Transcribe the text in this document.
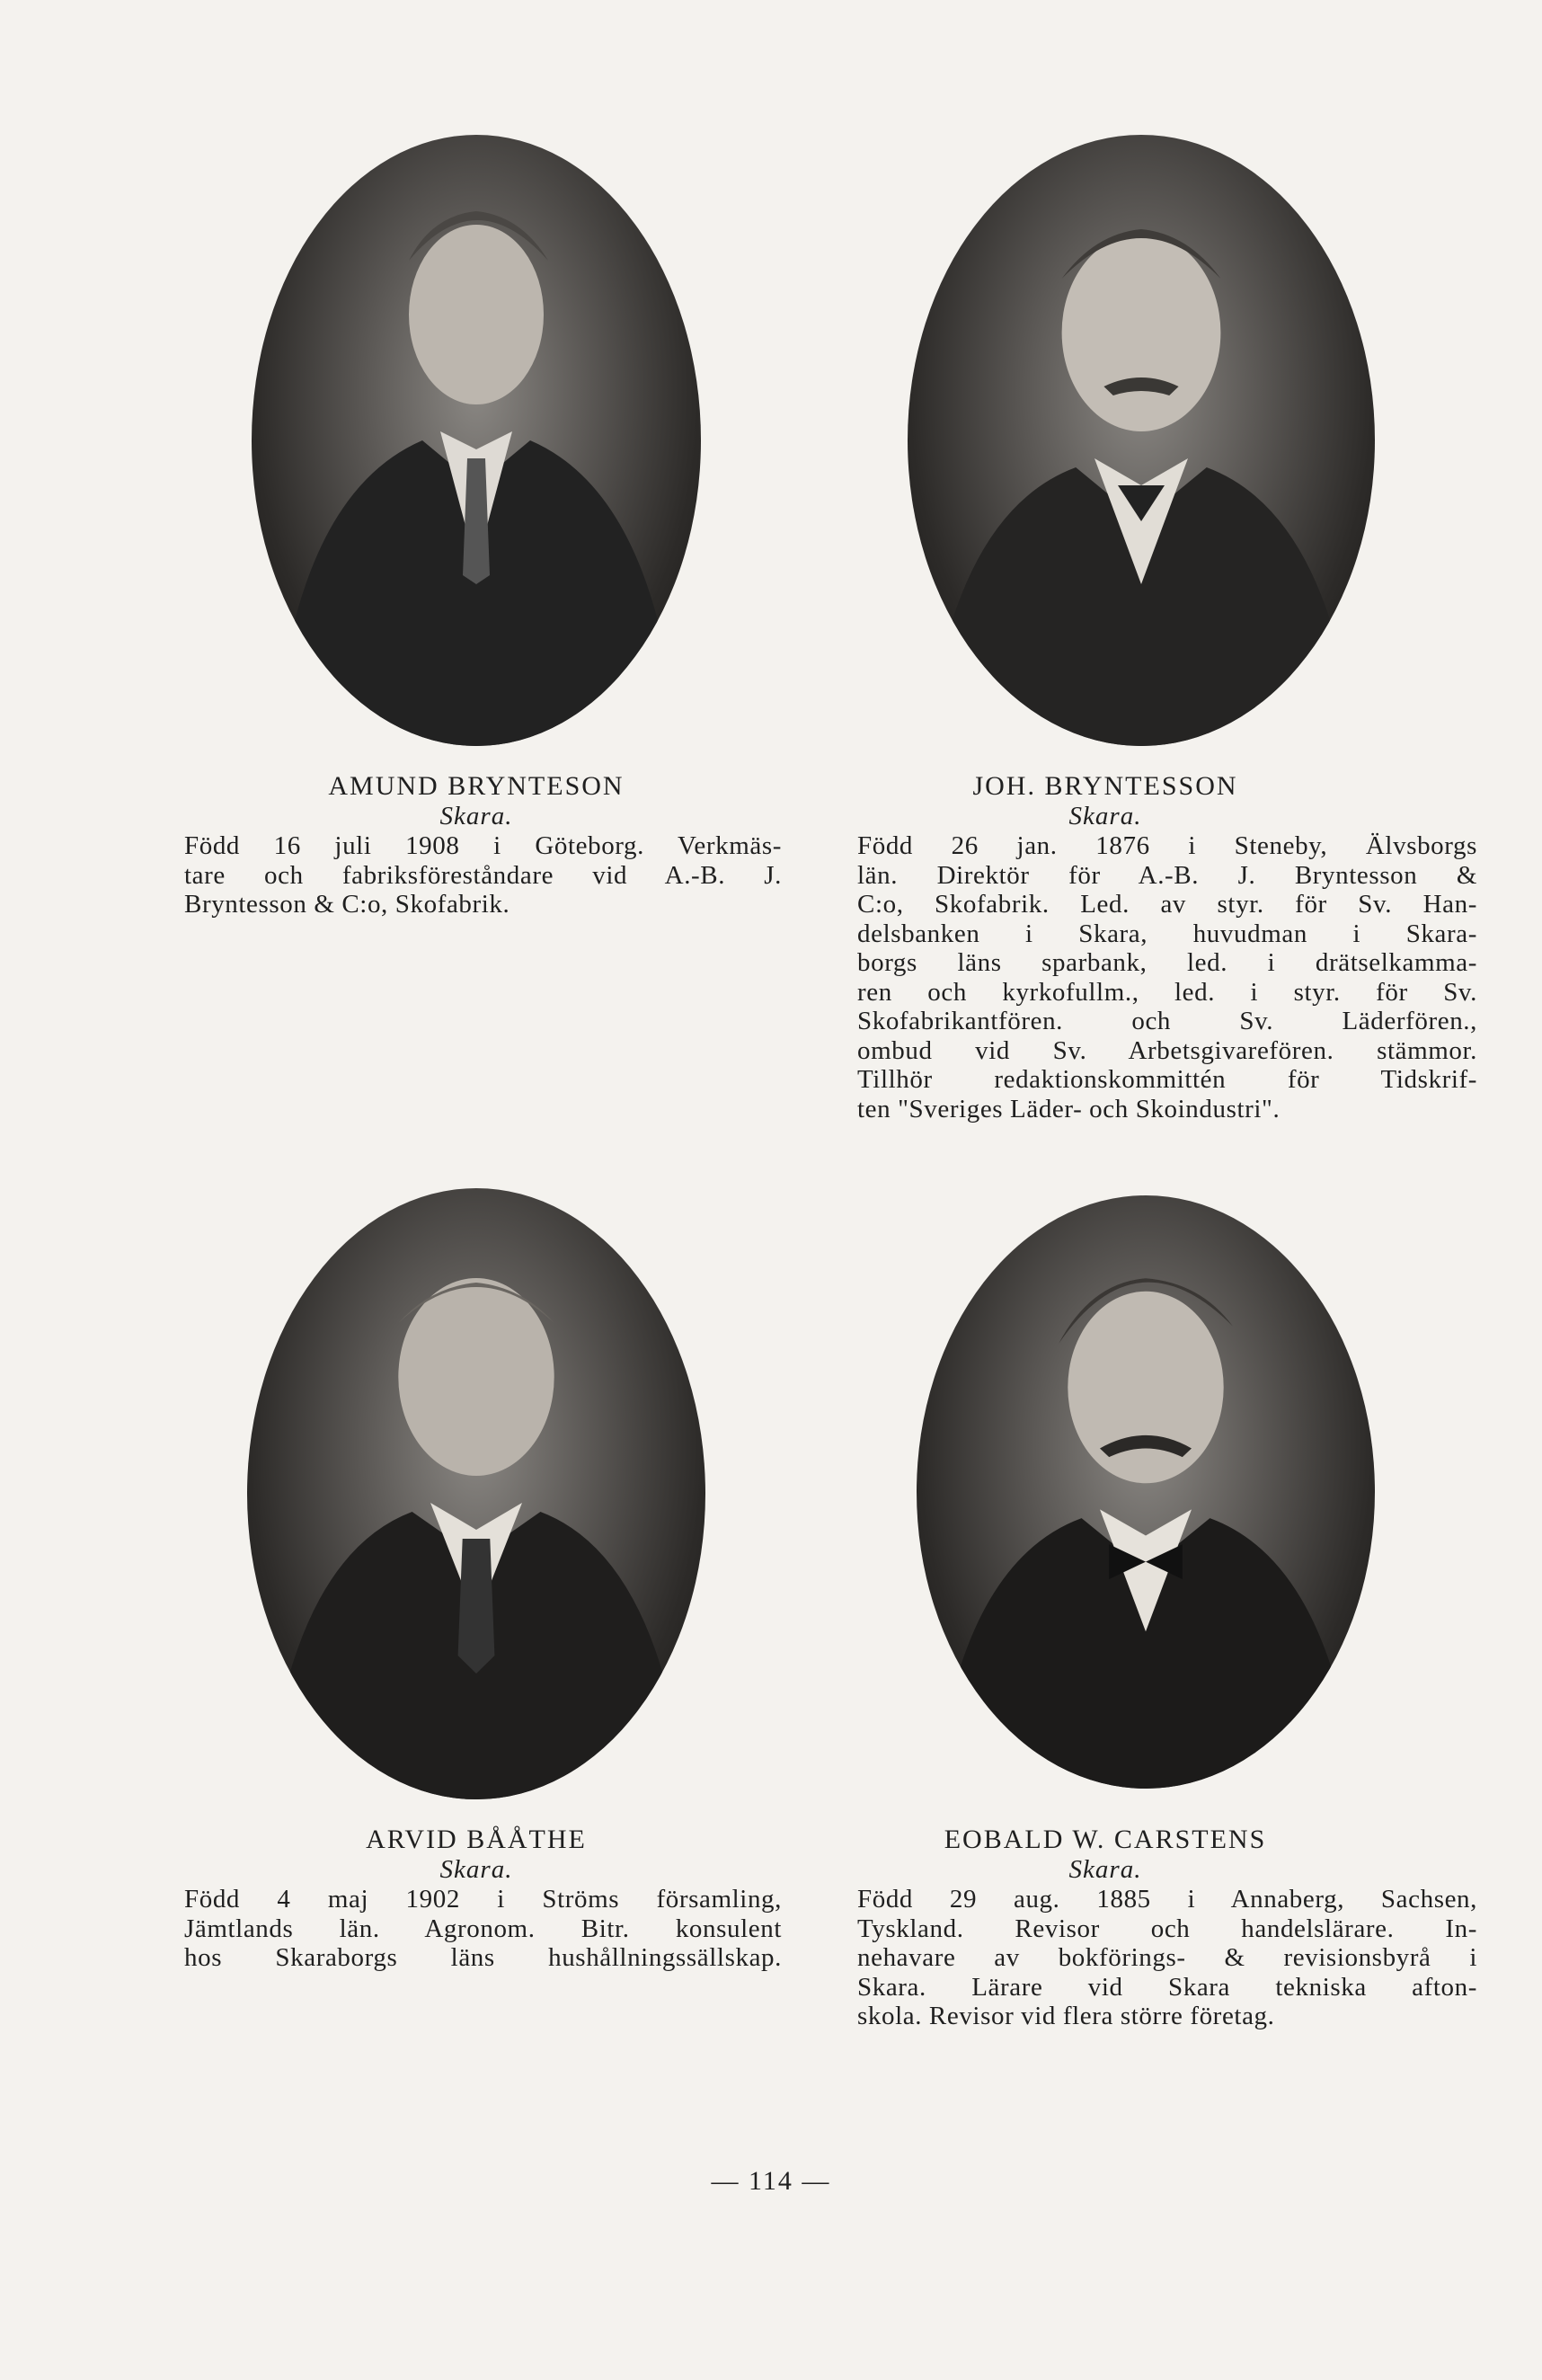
AMUND BRYNTESON
Skara.
Född 16 juli 1908 i Göteborg. Verkmäs-
tare och fabriksföreståndare vid A.-B. J.
Bryntesson & C:o, Skofabrik.
JOH. BRYNTESSON
Skara.
Född 26 jan. 1876 i Steneby, Älvsborgs
län. Direktör för A.-B. J. Bryntesson &
C:o, Skofabrik. Led. av styr. för Sv. Han-
delsbanken i Skara, huvudman i Skara-
borgs läns sparbank, led. i drätselkamma-
ren och kyrkofullm., led. i styr. för Sv.
Skofabrikantfören. och Sv. Läderfören.,
ombud vid Sv. Arbetsgivarefören. stämmor.
Tillhör redaktionskommittén för Tidskrif-
ten "Sveriges Läder- och Skoindustri".
ARVID BÅÅTHE
Skara.
Född 4 maj 1902 i Ströms församling,
Jämtlands län. Agronom. Bitr. konsulent
hos Skaraborgs läns hushållningssällskap.
EOBALD W. CARSTENS
Skara.
Född 29 aug. 1885 i Annaberg, Sachsen,
Tyskland. Revisor och handelslärare. In-
nehavare av bokförings- & revisionsbyrå i
Skara. Lärare vid Skara tekniska afton-
skola. Revisor vid flera större företag.
— 114 —
